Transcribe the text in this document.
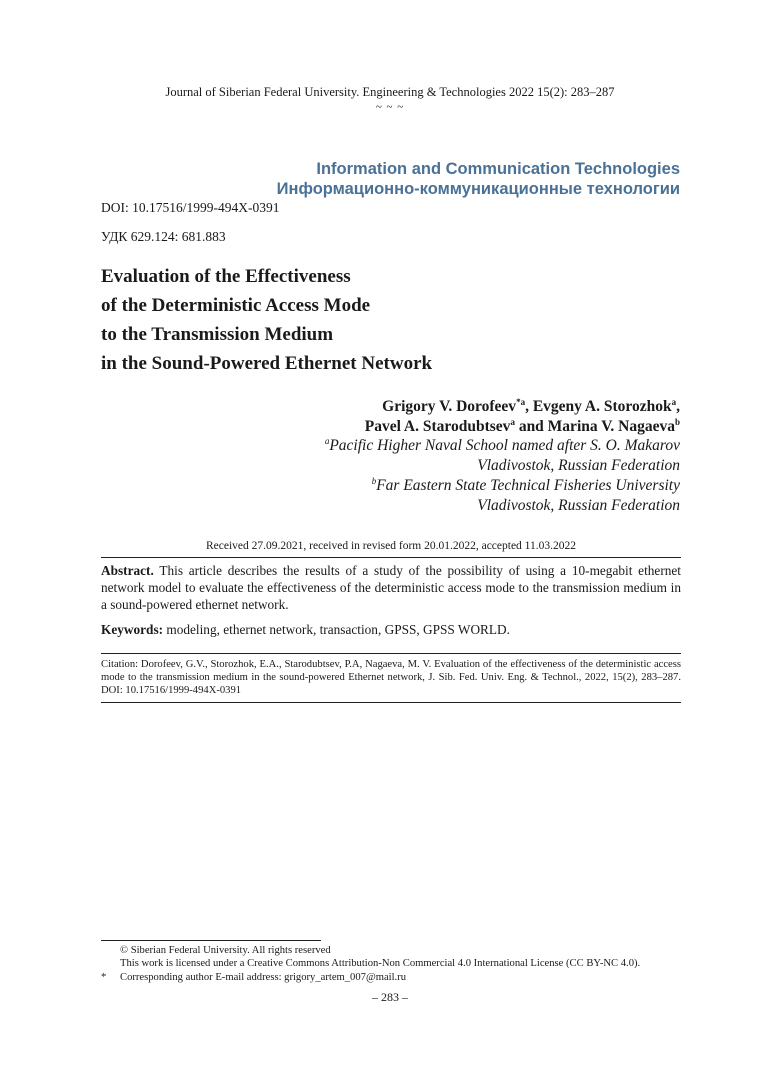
Journal of Siberian Federal University. Engineering & Technologies 2022 15(2): 283–287
~ ~ ~
Information and Communication Technologies
Информационно-коммуникационные технологии
DOI: 10.17516/1999-494X-0391
УДК 629.124: 681.883
Evaluation of the Effectiveness
of the Deterministic Access Mode
to the Transmission Medium
in the Sound-Powered Ethernet Network
Grigory V. Dorofeev$^{*a}$, Evgeny A. Storozhok$^a$,
Pavel A. Starodubtsev$^a$ and Marina V. Nagaeva$^b$
$^a$Pacific Higher Naval School named after S. O. Makarov
Vladivostok, Russian Federation
$^b$Far Eastern State Technical Fisheries University
Vladivostok, Russian Federation
Received 27.09.2021, received in revised form 20.01.2022, accepted 11.03.2022
Abstract. This article describes the results of a study of the possibility of using a 10-megabit ethernet network model to evaluate the effectiveness of the deterministic access mode to the transmission medium in a sound-powered ethernet network.
Keywords: modeling, ethernet network, transaction, GPSS, GPSS WORLD.
Citation: Dorofeev, G.V., Storozhok, E.A., Starodubtsev, P.A, Nagaeva, M. V. Evaluation of the effectiveness of the deterministic access mode to the transmission medium in the sound-powered Ethernet network, J. Sib. Fed. Univ. Eng. & Technol., 2022, 15(2), 283–287. DOI: 10.17516/1999-494X-0391
© Siberian Federal University. All rights reserved
This work is licensed under a Creative Commons Attribution-Non Commercial 4.0 International License (CC BY-NC 4.0).
* Corresponding author E-mail address: grigory_artem_007@mail.ru
– 283 –
